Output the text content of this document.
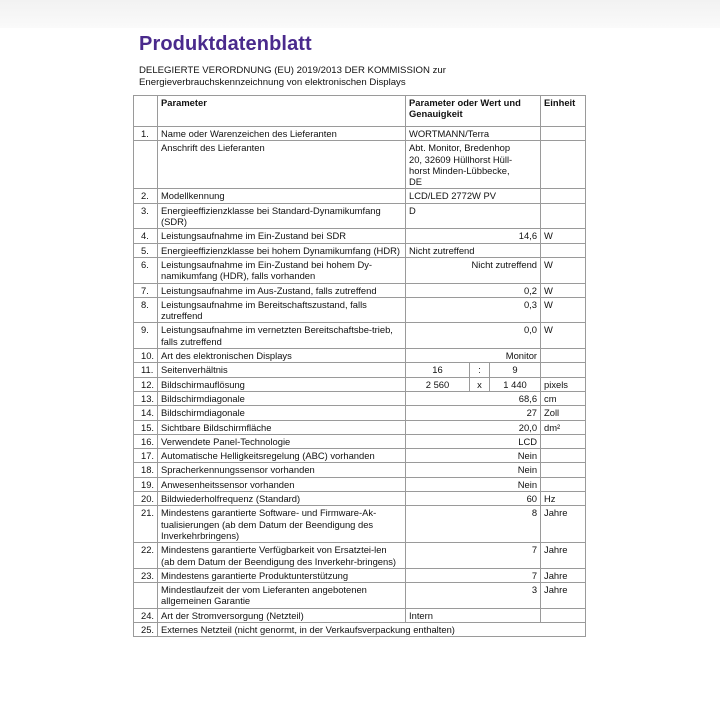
Produktdatenblatt
DELEGIERTE VERORDNUNG (EU) 2019/2013 DER KOMMISSION zur Energieverbrauchskennzeichnung von elektronischen Displays
	Parameter	Parameter oder Wert und Genauigkeit			Einheit
1.	Name oder Warenzeichen des Lieferanten	WORTMANN/Terra			
	Anschrift des Lieferanten	Abt. Monitor, Bredenhop 20, 32609 Hüllhorst Hüll-horst Minden-Lübbecke, DE			
2.	Modellkennung	LCD/LED 2772W PV			
3.	Energieeffizienzklasse bei Standard-Dynamikumfang (SDR)	D			
4.	Leistungsaufnahme im Ein-Zustand bei SDR	14,6			W
5.	Energieeffizienzklasse bei hohem Dynamikumfang (HDR)	Nicht zutreffend			
6.	Leistungsaufnahme im Ein-Zustand bei hohem Dy-namikumfang (HDR), falls vorhanden	Nicht zutreffend			W
7.	Leistungsaufnahme im Aus-Zustand, falls zutreffend	0,2			W
8.	Leistungsaufnahme im Bereitschaftszustand, falls zutreffend	0,3			W
9.	Leistungsaufnahme im vernetzten Bereitschaftsbe-trieb, falls zutreffend	0,0			W
10.	Art des elektronischen Displays	Monitor			
11.	Seitenverhältnis	16	:	9	
12.	Bildschirmauflösung	2 560	x	1 440	pixels
13.	Bildschirmdiagonale	68,6			cm
14.	Bildschirmdiagonale	27			Zoll
15.	Sichtbare Bildschirmfläche	20,0			dm²
16.	Verwendete Panel-Technologie	LCD			
17.	Automatische Helligkeitsregelung (ABC) vorhanden	Nein			
18.	Spracherkennungssensor vorhanden	Nein			
19.	Anwesenheitssensor vorhanden	Nein			
20.	Bildwiederholfrequenz (Standard)	60			Hz
21.	Mindestens garantierte Software- und Firmware-Ak-tualisierungen (ab dem Datum der Beendigung des Inverkehrbringens)	8			Jahre
22.	Mindestens garantierte Verfügbarkeit von Ersatztei-len (ab dem Datum der Beendigung des Inverkehr-bringens)	7			Jahre
23.	Mindestens garantierte Produktunterstützung	7			Jahre
	Mindestlaufzeit der vom Lieferanten angebotenen allgemeinen Garantie	3			Jahre
24.	Art der Stromversorgung (Netzteil)	Intern			
25.	Externes Netzteil (nicht genormt, in der Verkaufsverpackung enthalten)				
